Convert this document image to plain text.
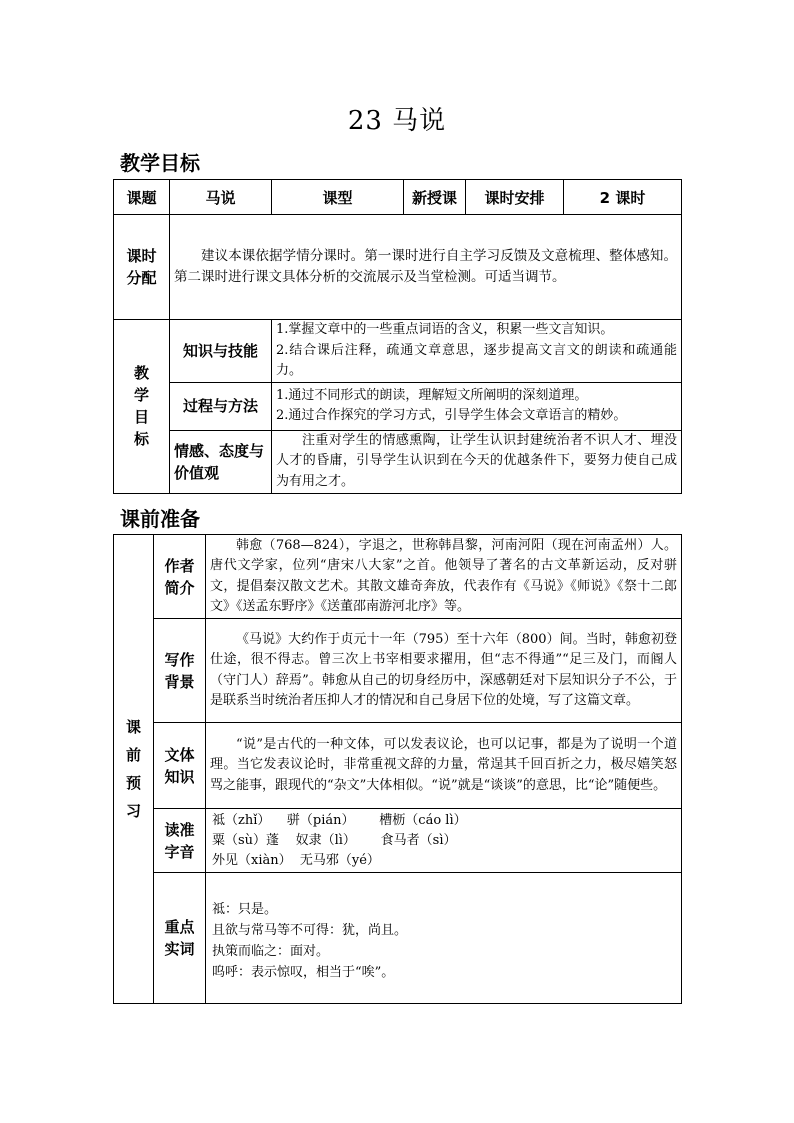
23 马说
教学目标
课题	马说	课型	新授课	课时安排	2 课时

课时
分配	建议本课依据学情分课时。第一课时进行自主学习反馈及文意梳理、整体感知。第二课时进行课文具体分析的交流展示及当堂检测。可适当调节。				

教
学
目
标	知识与技能	1.掌握文章中的一些重点词语的含义，积累一些文言知识。
2.结合课后注释，疏通文章意思，逐步提高文言文的朗读和疏通能力。			

	过程与方法	1.通过不同形式的朗读，理解短文所阐明的深刻道理。
2.通过合作探究的学习方式，引导学生体会文章语言的精妙。			

	情感、态度与价值观	注重对学生的情感熏陶，让学生认识封建统治者不识人才、埋没人才的昏庸，引导学生认识到在今天的优越条件下，要努力使自己成为有用之才。			
课前准备
课
前
预
习	作者
简介	韩愈（768—824），字退之，世称韩昌黎，河南河阳（现在河南孟州）人。唐代文学家，位列“唐宋八大家”之首。他领导了著名的古文革新运动，反对骈文，提倡秦汉散文艺术。其散文雄奇奔放，代表作有《马说》《师说》《祭十二郎文》《送孟东野序》《送董邵南游河北序》等。

	写作
背景	《马说》大约作于贞元十一年（795）至十六年（800）间。当时，韩愈初登仕途，很不得志。曾三次上书宰相要求擢用，但“志不得通”“足三及门，而阍人（守门人）辞焉”。韩愈从自己的切身经历中，深感朝廷对下层知识分子不公，于是联系当时统治者压抑人才的情况和自己身居下位的处境，写了这篇文章。

	文体
知识	“说”是古代的一种文体，可以发表议论，也可以记事，都是为了说明一个道理。当它发表议论时，非常重视文辞的力量，常逞其千回百折之力，极尽嬉笑怒骂之能事，跟现代的“杂文”大体相似。“说”就是“谈谈”的意思，比“论”随便些。

	读准
字音	祗（zhǐ）    骈（pián）      槽枥（cáo lì）
粟（sù）蓬    奴隶（lì）      食马者（sì）
外见（xiàn）  无马邪（yé）

	重点
实词	祗：只是。
且欲与常马等不可得：犹，尚且。
执策而临之：面对。
呜呼：表示惊叹，相当于“唉”。
